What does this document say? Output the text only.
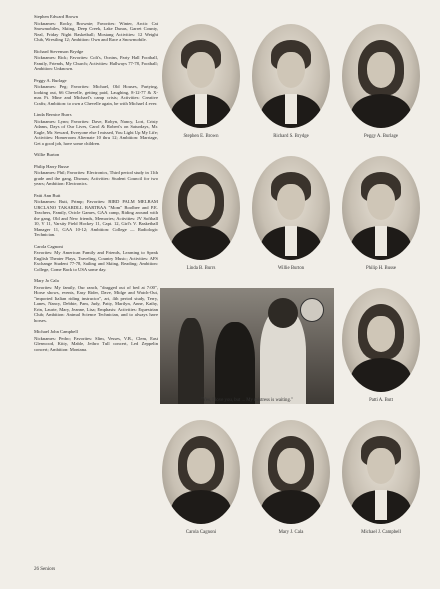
Stephen Edward Brown
Nicknames: Rocky, Brownie; Favorites: Winter, Arctic Cat Snowmobiles, Skiing, Deep Creek, Lake Dunas, Garret County, Neal, Friday Night Basketball; Mostang Activities: 12 Weight Club, Wrestling 12; Ambition: Own and Race a Snowmobile.
Richard Stevenson Brydge
Nicknames: Rick; Favorites: Colt's, Ocnins, Party Hall Football, Family, Friends, My Church; Activities: Hallways 77-78, Football; Ambition: Unknown.
Peggy A. Burlage
Nicknames: Peg; Favorites: Michael, Old Houses, Partying, looking out, 66 Chevelle, getting paid, Laughing, 8-12-77 & X-mas Ft. Mine and Michael's camp crisis; Activities: Creative Crafts; Ambition: to own a Chevelle again, be with Michael 4 ever.
Linda Bernice Burrs
Nicknames: Lynn; Favorites: Dave, Robyn, Nancy, Lori, Cristy Adams, Days of Our Lives, Carol & Robert's on Saturdays, Mr. Eagle, Mr. Seward, Everyone else I missed, You Light Up My Life; Activities: Homeroom Alternate 10 thru 12; Ambition: Marriage, Get a good job, have some children.
Willie Burton
Philip Harry Busse
Nicknames: Phil; Favorites: Electronics, Third period study in 11th grade and the gang, Dismas; Activities: Student Council for two years; Ambition: Electronics.
Patti Ann Butt
Nicknames: Butt, Primp; Favorites: BIRD PALM MELBAM URCLANO TAKARDLL BARTBAA "Mom" Boolbee and P.E. Teachers, Family, Ocicle Games, GAA camp, Riding around with the gang, Old and New friends, Memories; Activities: JV Softball 10, V 11, Varsity Field Hockey 11, Capt. 12, Girl's V. Basketball Manager 11, GAA 10-12; Ambition: College — Radiologic Technician.
Carola Cagnoni
Favorites: My American Family and Friends, Learning to Speak English Theater Plays, Traveling, Country Music; Activities: AFS Exchange Student 77-78, Sailing and Skiing, Reading; Ambition: College, Come Back to USA some day.
Mary Jo Cala
Favorites: My family, Our ranch, "dragged out of bed at 7:00", Horse shows, events, Easy Rider, Dave, Midge and Watch-Out, "imported Italian riding instructor", art, 4th period study, Terry, Lanes, Nancy, Debbie, Pam, Judy, Patty, Marilyn, Anne, Kathy, Erin, Laurie, Mary, Jeanne, Lisa; Emphasis: Activities: Equestrian Club; Ambition: Animal Science Technician, and to always have horses.
Michael John Campbell
Nicknames: Pedro; Favorites: Slim, Vesses, V.B., Clem, East Glenwood, Kitty, Mable, Jethro Tull concert, Led Zeppelin concert; Ambition: Montana.
26 Seniors
Stephen E. Brown	Richard S. Brydge	Peggy A. Burlage
Linda B. Burrs	Willie Burton	Philip H. Busse
"Yes, I love you, but ... My mistress is waiting."	Patti A. Butt
Carola Cagnoni	Mary J. Cala	Michael J. Campbell
